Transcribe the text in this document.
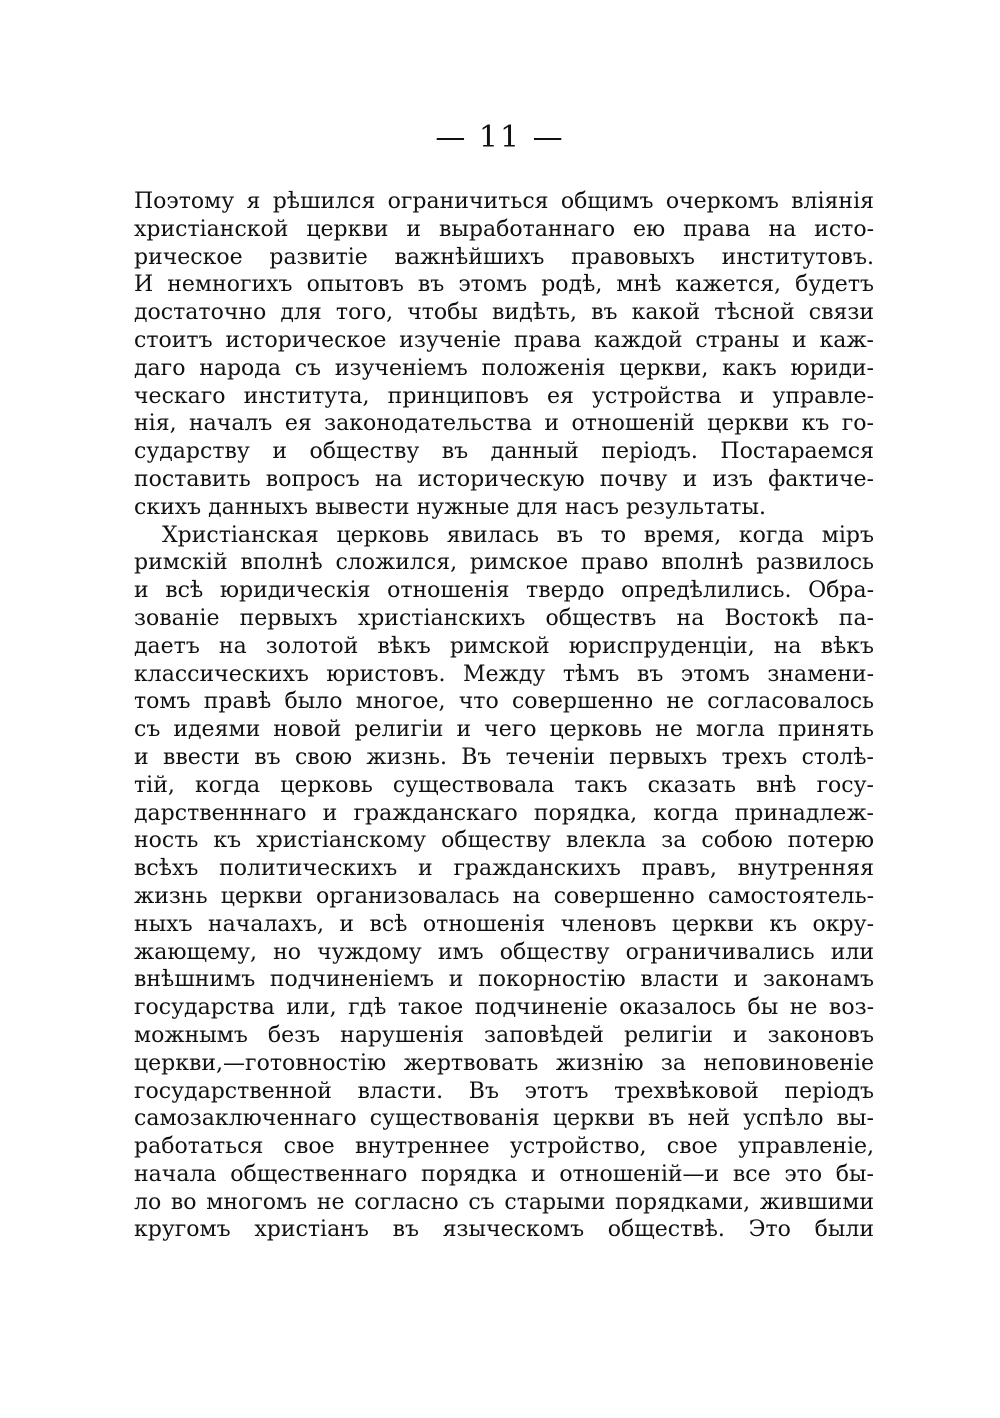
— 11 —
Поэтому я рѣшился ограничиться общимъ очеркомъ влiянiя
христiанской церкви и выработаннаго ею права на исто-
рическое развитiе важнѣйшихъ правовыхъ институтовъ.
И немногихъ опытовъ въ этомъ родѣ, мнѣ кажется, будетъ
достаточно для того, чтобы видѣть, въ какой тѣсной связи
стоитъ историческое изученiе права каждой страны и каж-
даго народа съ изученiемъ положенiя церкви, какъ юриди-
ческаго института, принциповъ ея устройства и управле-
нiя, началъ ея законодательства и отношенiй церкви къ го-
сударству и обществу въ данный перiодъ. Постараемся
поставить вопросъ на историческую почву и изъ фактиче-
скихъ данныхъ вывести нужные для насъ результаты.
Христiанская церковь явилась въ то время, когда мiръ
римскiй вполнѣ сложился, римское право вполнѣ развилось
и всѣ юридическiя отношенiя твердо опредѣлились. Обра-
зованiе первыхъ христiанскихъ обществъ на Востокѣ па-
даетъ на золотой вѣкъ римской юриспруденцiи, на вѣкъ
классическихъ юристовъ. Между тѣмъ въ этомъ знамени-
томъ правѣ было многое, что совершенно не согласовалось
съ идеями новой религiи и чего церковь не могла принять
и ввести въ свою жизнь. Въ теченiи первыхъ трехъ столѣ-
тiй, когда церковь существовала такъ сказать внѣ госу-
дарственннаго и гражданскаго порядка, когда принадлеж-
ность къ христiанскому обществу влекла за собою потерю
всѣхъ политическихъ и гражданскихъ правъ, внутренняя
жизнь церкви организовалась на совершенно самостоятель-
ныхъ началахъ, и всѣ отношенiя членовъ церкви къ окру-
жающему, но чуждому имъ обществу ограничивались или
внѣшнимъ подчиненiемъ и покорностiю власти и законамъ
государства или, гдѣ такое подчиненiе оказалось бы не воз-
можнымъ безъ нарушенiя заповѣдей религiи и законовъ
церкви,—готовностiю жертвовать жизнiю за неповиновенiе
государственной власти. Въ этотъ трехвѣковой перiодъ
самозаключеннаго существованiя церкви въ ней успѣло вы-
работаться свое внутреннее устройство, свое управленiе,
начала общественнаго порядка и отношенiй—и все это бы-
ло во многомъ не согласно съ старыми порядками, жившими
кругомъ христiанъ въ языческомъ обществѣ. Это были
